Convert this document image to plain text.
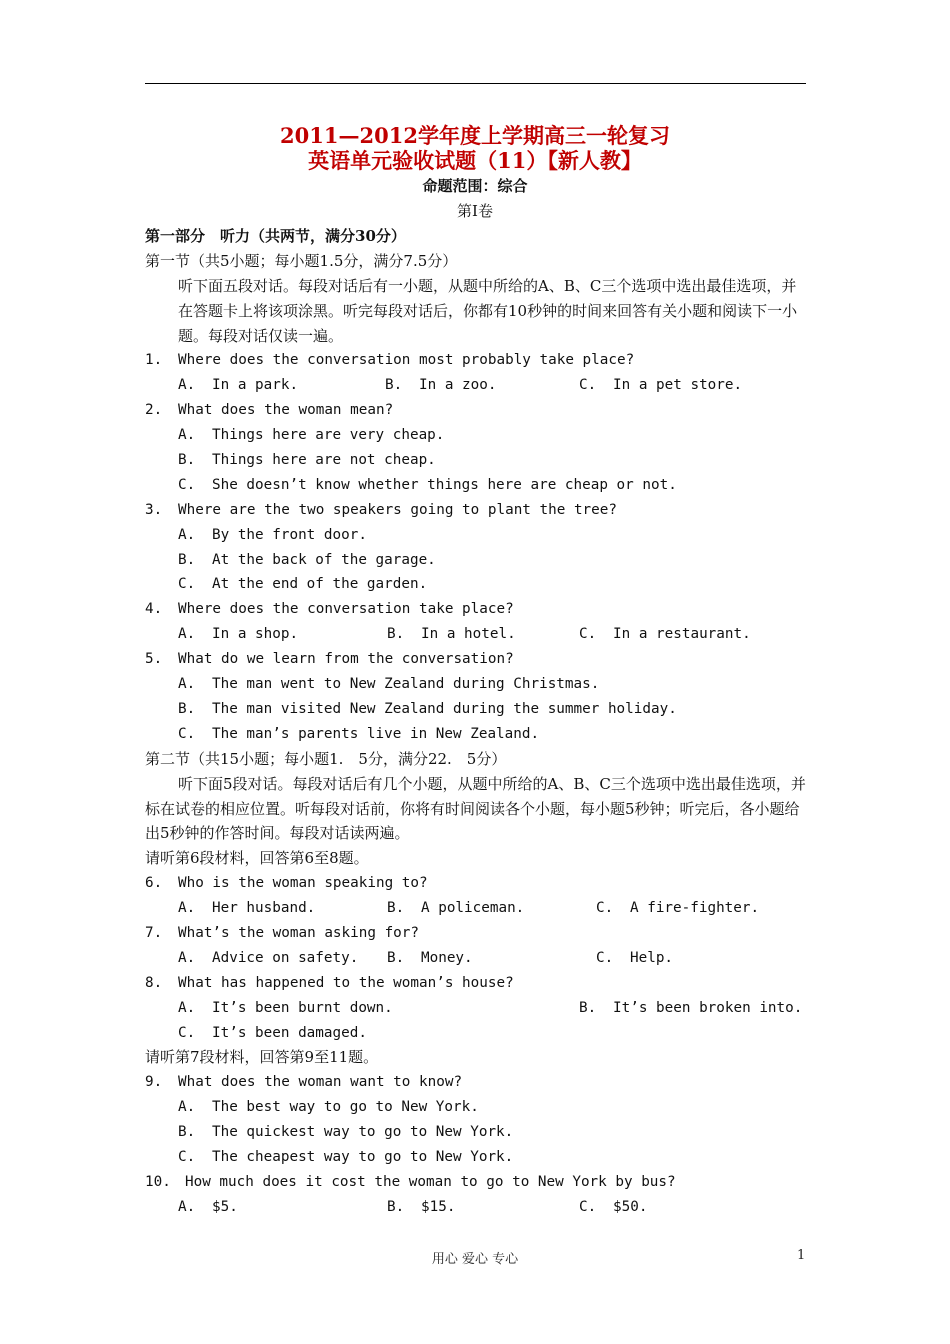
2011—2012学年度上学期高三一轮复习
英语单元验收试题（11）【新人教】
命题范围：综合
第Ⅰ卷
第一部分　听力（共两节，满分30分）
第一节（共5小题；每小题1.5分，满分7.5分）
听下面五段对话。每段对话后有一小题，从题中所给的A、B、C三个选项中选出最佳选项，并在答题卡上将该项涂黑。听完每段对话后，你都有10秒钟的时间来回答有关小题和阅读下一小题。每段对话仅读一遍。
1. Where does the conversation most probably take place?
A. In a park.	B. In a zoo.	C. In a pet store.
2. What does the woman mean?
A. Things here are very cheap.
B. Things here are not cheap.
C. She doesn’t know whether things here are cheap or not.
3. Where are the two speakers going to plant the tree?
A. By the front door.
B. At the back of the garage.
C. At the end of the garden.
4. Where does the conversation take place?
A. In a shop.	B. In a hotel.	C. In a restaurant.
5. What do we learn from the conversation?
A. The man went to New Zealand during Christmas.
B. The man visited New Zealand during the summer holiday.
C. The man’s parents live in New Zealand.
第二节（共15小题；每小题1.　5分，满分22.　5分）
听下面5段对话。每段对话后有几个小题，从题中所给的A、B、C三个选项中选出最佳选项，并标在试卷的相应位置。听每段对话前，你将有时间阅读各个小题，每小题5秒钟；听完后，各小题给出5秒钟的作答时间。每段对话读两遍。
请听第6段材料，回答第6至8题。
6. Who is the woman speaking to?
A. Her husband.	B. A policeman.	C. A fire-fighter.
7. What’s the woman asking for?
A. Advice on safety. B. Money.	C. Help.
8. What has happened to the woman’s house?
A. It’s been burnt down.	B. It’s been broken into.
C. It’s been damaged.
请听第7段材料，回答第9至11题。
9. What does the woman want to know?
A. The best way to go to New York.
B. The quickest way to go to New York.
C. The cheapest way to go to New York.
10. How much does it cost the woman to go to New York by bus?
A. $5.	B. $15.	C. $50.
用心 爱心 专心	1
